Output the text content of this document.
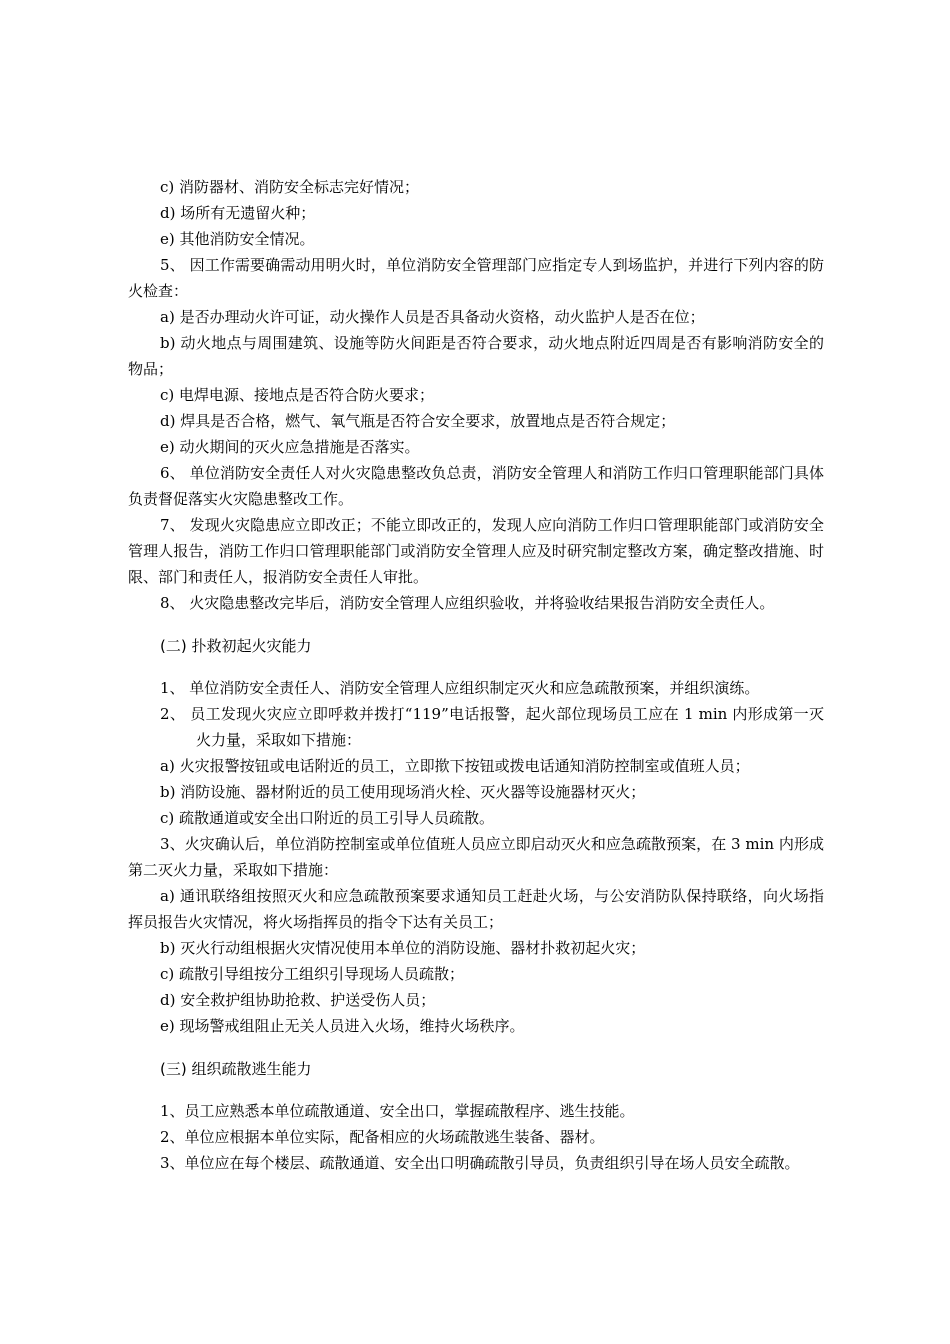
c) 消防器材、消防安全标志完好情况；

d) 场所有无遗留火种；

e) 其他消防安全情况。

5、 因工作需要确需动用明火时，单位消防安全管理部门应指定专人到场监护，并进行下列内容的防火检查：

a) 是否办理动火许可证，动火操作人员是否具备动火资格，动火监护人是否在位；

b) 动火地点与周围建筑、设施等防火间距是否符合要求，动火地点附近四周是否有影响消防安全的物品；

c) 电焊电源、接地点是否符合防火要求；

d) 焊具是否合格，燃气、氧气瓶是否符合安全要求，放置地点是否符合规定；

e) 动火期间的灭火应急措施是否落实。

6、 单位消防安全责任人对火灾隐患整改负总责，消防安全管理人和消防工作归口管理职能部门具体负责督促落实火灾隐患整改工作。

7、 发现火灾隐患应立即改正；不能立即改正的，发现人应向消防工作归口管理职能部门或消防安全管理人报告，消防工作归口管理职能部门或消防安全管理人应及时研究制定整改方案，确定整改措施、时限、部门和责任人，报消防安全责任人审批。

8、 火灾隐患整改完毕后，消防安全管理人应组织验收，并将验收结果报告消防安全责任人。

(二) 扑救初起火灾能力

1、 单位消防安全责任人、消防安全管理人应组织制定灭火和应急疏散预案，并组织演练。

2、 员工发现火灾应立即呼救并拨打“119”电话报警，起火部位现场员工应在 1 min 内形成第一灭火力量，采取如下措施：

a) 火灾报警按钮或电话附近的员工，立即揿下按钮或拨电话通知消防控制室或值班人员；

b) 消防设施、器材附近的员工使用现场消火栓、灭火器等设施器材灭火；

c) 疏散通道或安全出口附近的员工引导人员疏散。

3、火灾确认后，单位消防控制室或单位值班人员应立即启动灭火和应急疏散预案，在 3 min 内形成第二灭火力量，采取如下措施：

a) 通讯联络组按照灭火和应急疏散预案要求通知员工赶赴火场，与公安消防队保持联络，向火场指挥员报告火灾情况，将火场指挥员的指令下达有关员工；

b) 灭火行动组根据火灾情况使用本单位的消防设施、器材扑救初起火灾；

c) 疏散引导组按分工组织引导现场人员疏散；

d) 安全救护组协助抢救、护送受伤人员；

e) 现场警戒组阻止无关人员进入火场，维持火场秩序。

(三) 组织疏散逃生能力

1、员工应熟悉本单位疏散通道、安全出口，掌握疏散程序、逃生技能。

2、单位应根据本单位实际，配备相应的火场疏散逃生装备、器材。

3、单位应在每个楼层、疏散通道、安全出口明确疏散引导员，负责组织引导在场人员安全疏散。
